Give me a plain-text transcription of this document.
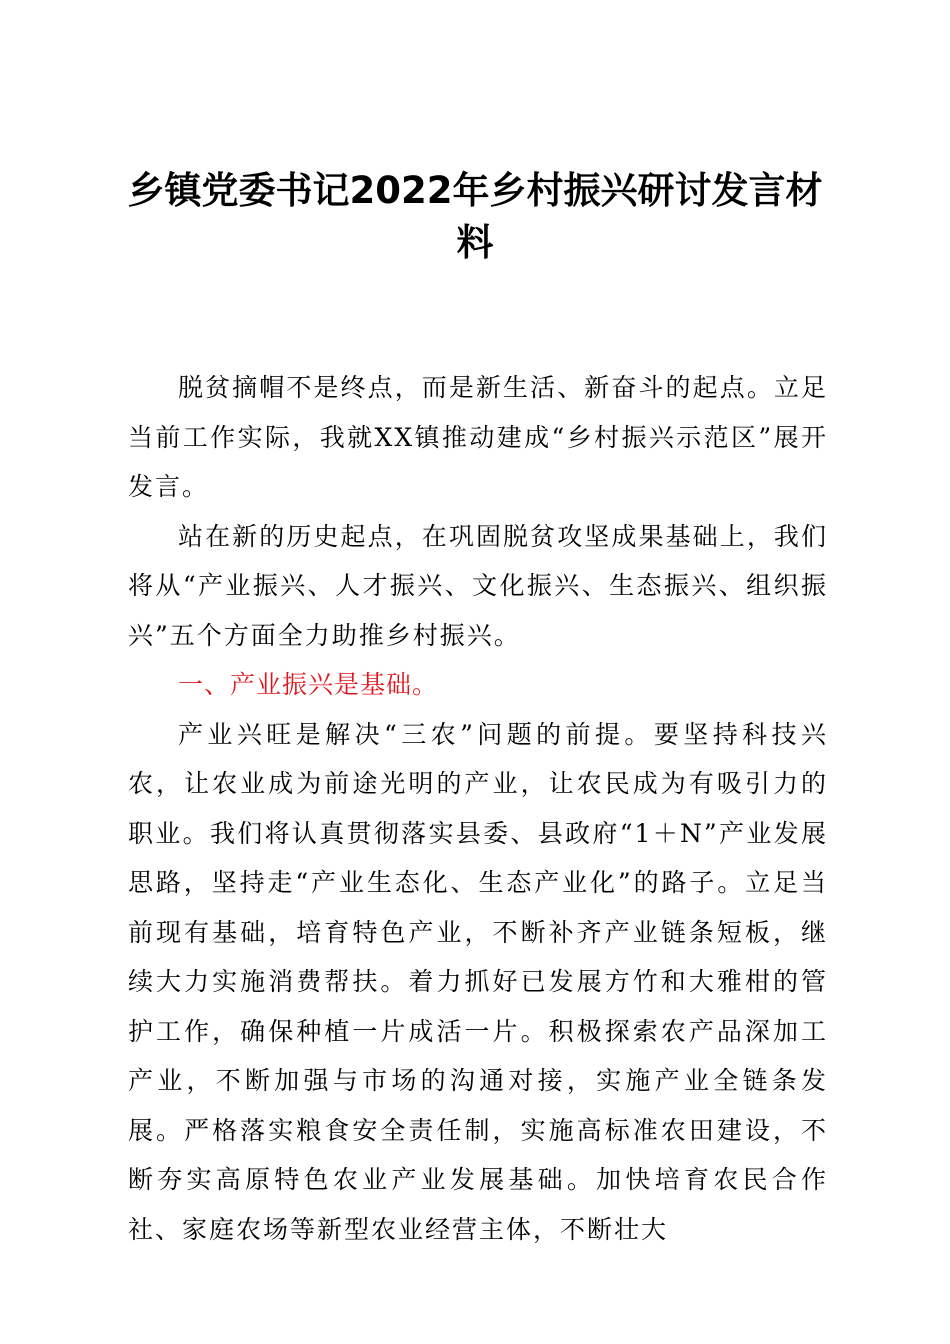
乡镇党委书记2022年乡村振兴研讨发言材料

脱贫摘帽不是终点，而是新生活、新奋斗的起点。立足当前工作实际，我就XX镇推动建成“乡村振兴示范区”展开发言。

站在新的历史起点，在巩固脱贫攻坚成果基础上，我们将从“产业振兴、人才振兴、文化振兴、生态振兴、组织振兴”五个方面全力助推乡村振兴。

一、产业振兴是基础。

产业兴旺是解决“三农”问题的前提。要坚持科技兴农，让农业成为前途光明的产业，让农民成为有吸引力的职业。我们将认真贯彻落实县委、县政府“1＋N”产业发展思路，坚持走“产业生态化、生态产业化”的路子。立足当前现有基础，培育特色产业，不断补齐产业链条短板，继续大力实施消费帮扶。着力抓好已发展方竹和大雅柑的管护工作，确保种植一片成活一片。积极探索农产品深加工产业，不断加强与市场的沟通对接，实施产业全链条发展。严格落实粮食安全责任制，实施高标准农田建设，不断夯实高原特色农业产业发展基础。加快培育农民合作社、家庭农场等新型农业经营主体，不断壮大
